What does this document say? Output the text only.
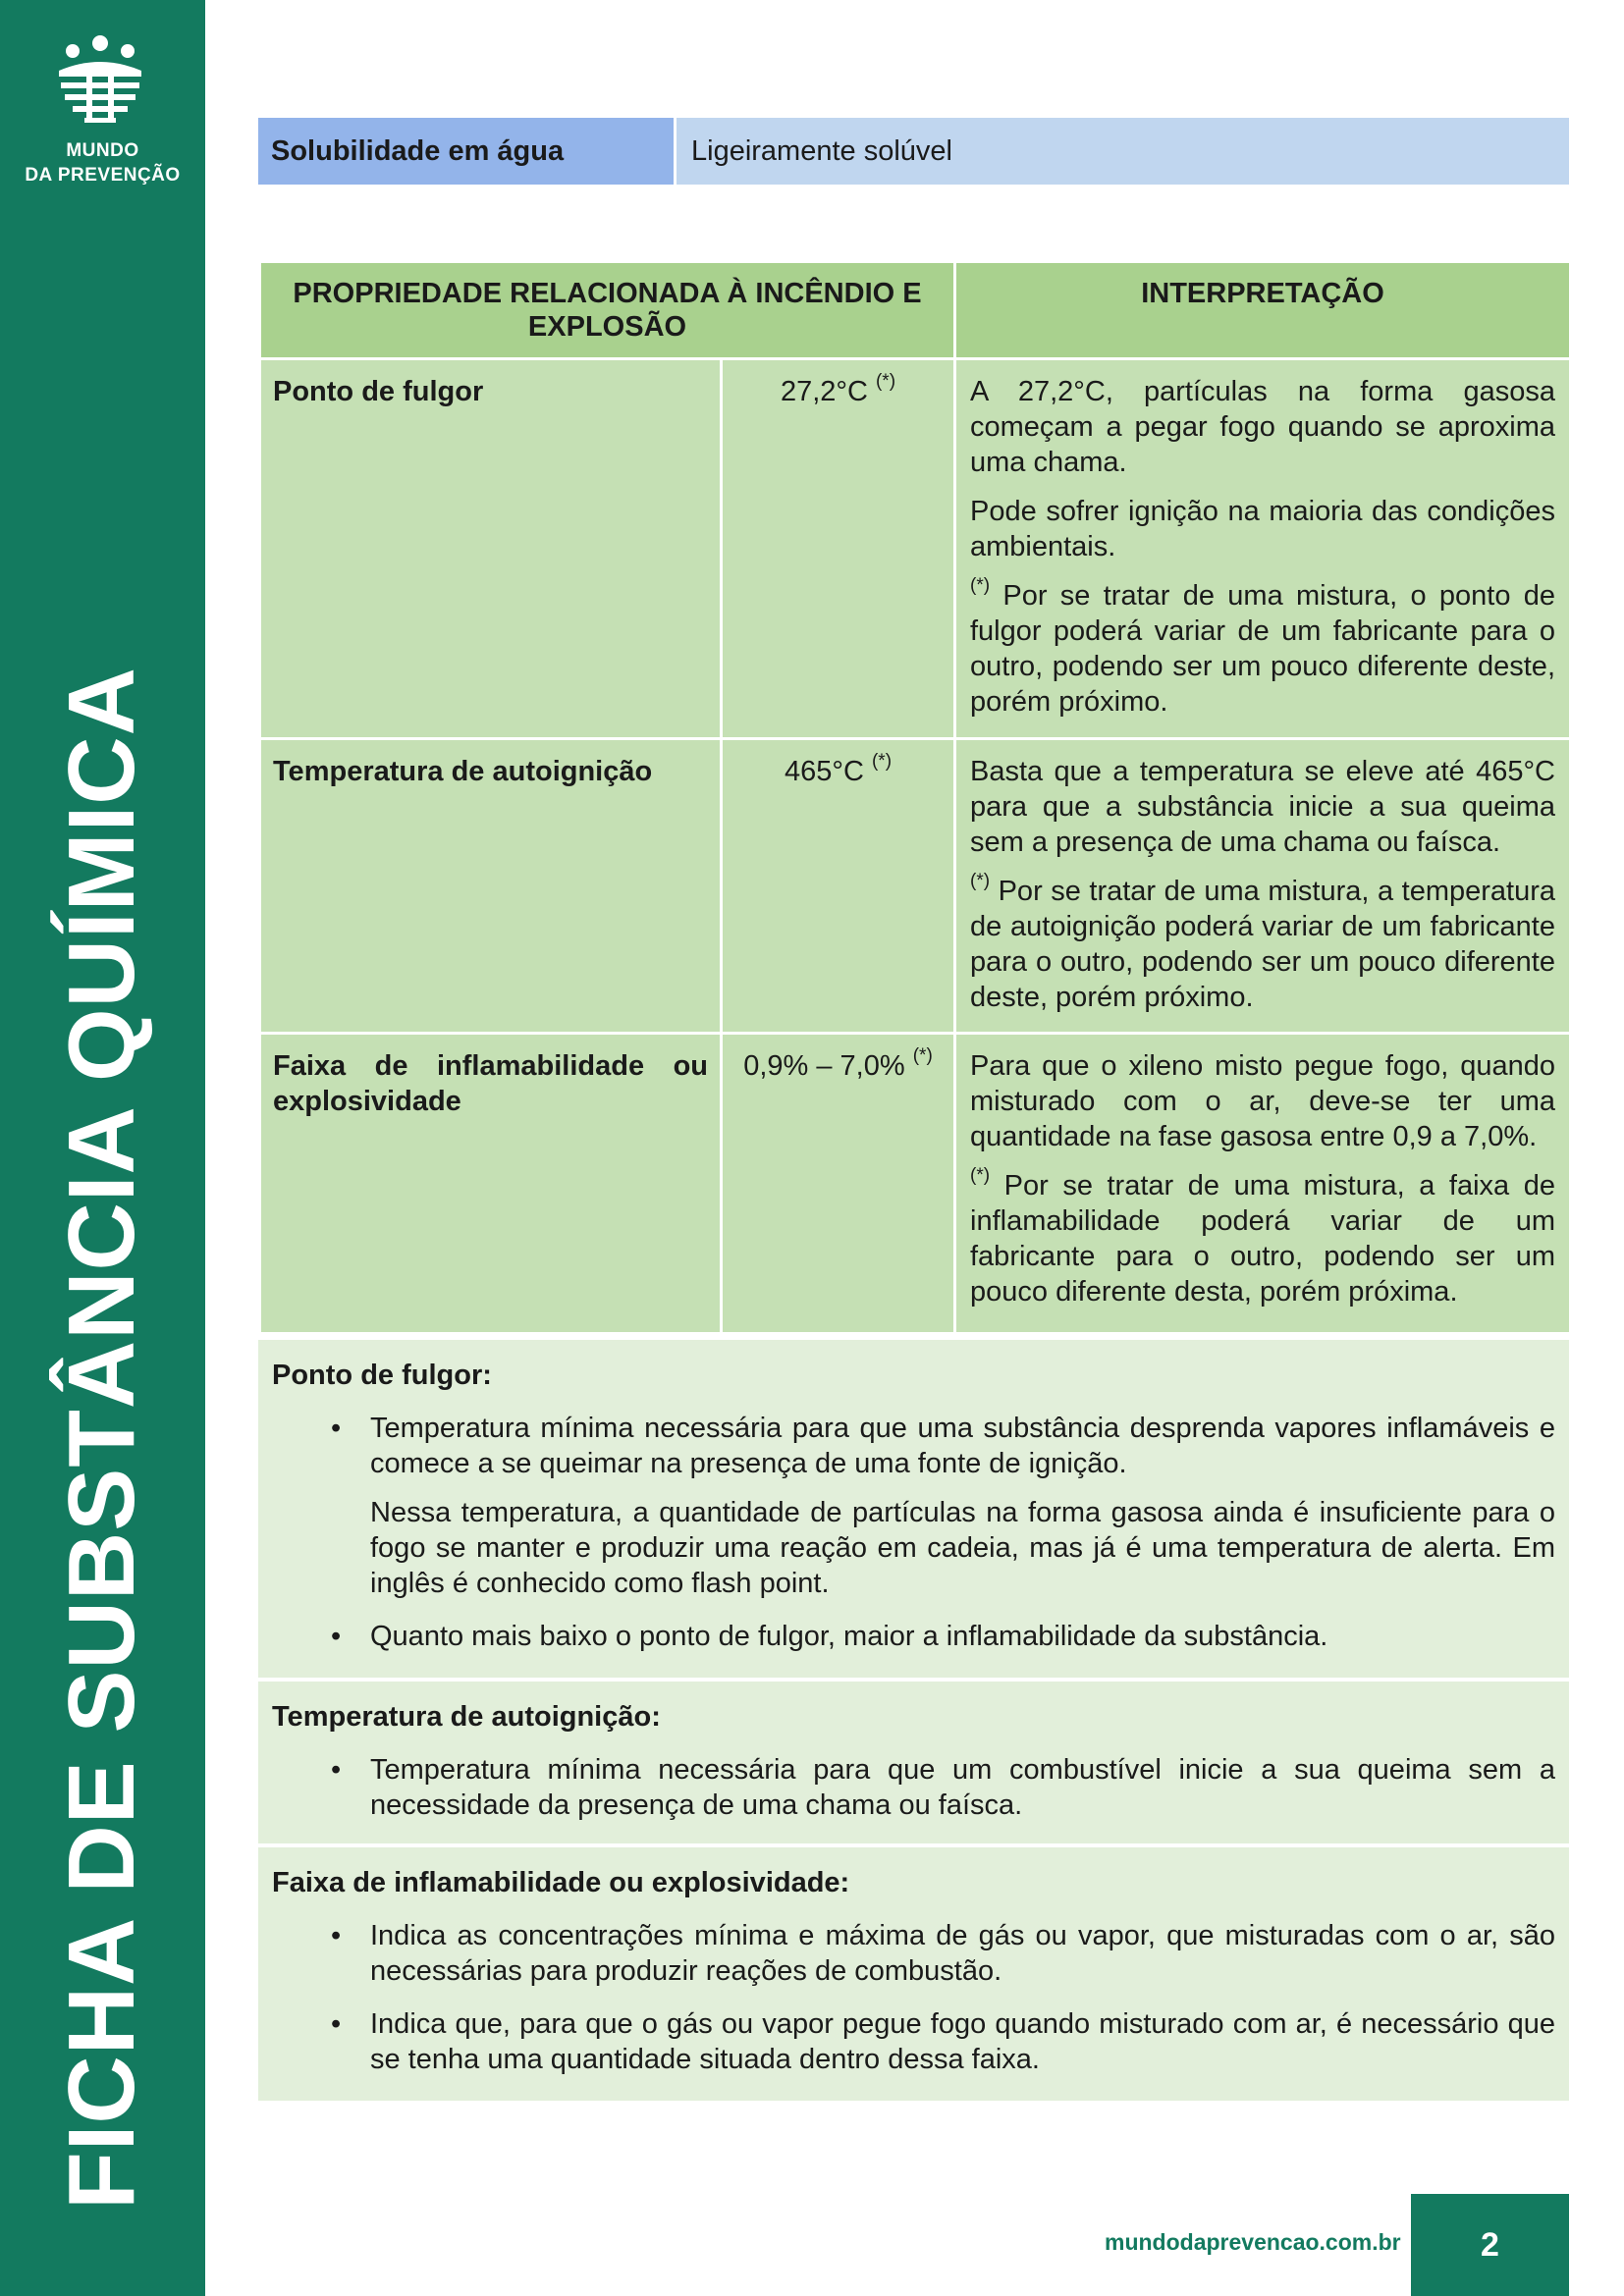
MUNDO
DA PREVENÇÃO
FICHA DE SUBSTÂNCIA QUÍMICA
Solubilidade em água	Ligeiramente solúvel
PROPRIEDADE RELACIONADA À INCÊNDIO E EXPLOSÃO		INTERPRETAÇÃO
Ponto de fulgor	27,2°C (*)	A 27,2°C, partículas na forma gasosa começam a pegar fogo quando se aproxima uma chama.

Pode sofrer ignição na maioria das condições ambientais.

(*) Por se tratar de uma mistura, o ponto de fulgor poderá variar de um fabricante para o outro, podendo ser um pouco diferente deste, porém próximo.

Temperatura de autoignição	465°C (*)	Basta que a temperatura se eleve até 465°C para que a substância inicie a sua queima sem a presença de uma chama ou faísca.

(*) Por se tratar de uma mistura, a temperatura de autoignição poderá variar de um fabricante para o outro, podendo ser um pouco diferente deste, porém próximo.

Faixa de inflamabilidade ou explosividade	0,9% – 7,0% (*)	Para que o xileno misto pegue fogo, quando misturado com o ar, deve-se ter uma quantidade na fase gasosa entre 0,9 a 7,0%.

(*) Por se tratar de uma mistura, a faixa de inflamabilidade poderá variar de um fabricante para o outro, podendo ser um pouco diferente desta, porém próxima.

Ponto de fulgor:
• Temperatura mínima necessária para que uma substância desprenda vapores inflamáveis e comece a se queimar na presença de uma fonte de ignição.

Nessa temperatura, a quantidade de partículas na forma gasosa ainda é insuficiente para o fogo se manter e produzir uma reação em cadeia, mas já é uma temperatura de alerta. Em inglês é conhecido como flash point.

• Quanto mais baixo o ponto de fulgor, maior a inflamabilidade da substância.

Temperatura de autoignição:
• Temperatura mínima necessária para que um combustível inicie a sua queima sem a necessidade da presença de uma chama ou faísca.

Faixa de inflamabilidade ou explosividade:
• Indica as concentrações mínima e máxima de gás ou vapor, que misturadas com o ar, são necessárias para produzir reações de combustão.

• Indica que, para que o gás ou vapor pegue fogo quando misturado com ar, é necessário que se tenha uma quantidade situada dentro dessa faixa.

mundodaprevencao.com.br	2
